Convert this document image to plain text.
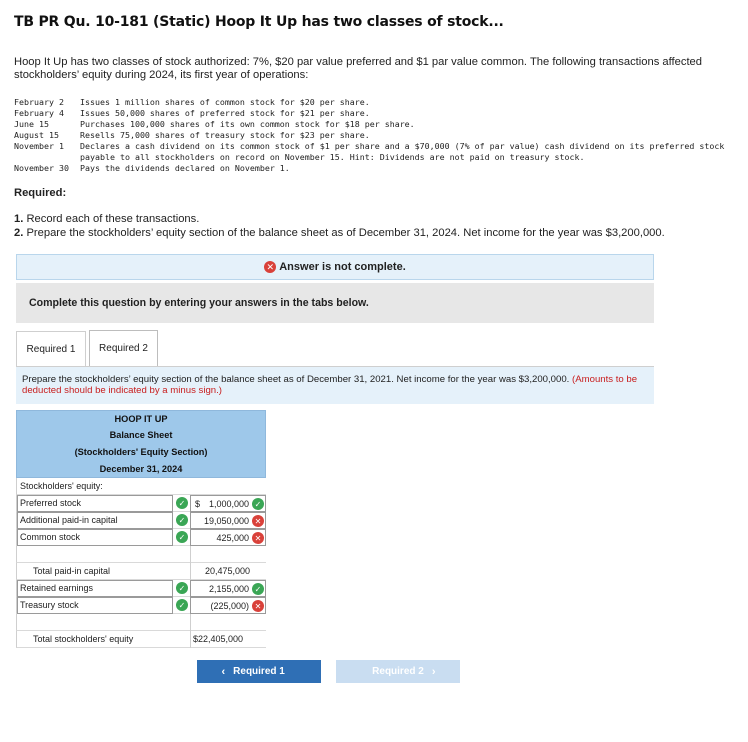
TB PR Qu. 10-181 (Static) Hoop It Up has two classes of stock...
Hoop It Up has two classes of stock authorized: 7%, $20 par value preferred and $1 par value common. The following transactions affected stockholders’ equity during 2024, its first year of operations:
February 2	Issues 1 million shares of common stock for $20 per share.
February 4	Issues 50,000 shares of preferred stock for $21 per share.
June 15	Purchases 100,000 shares of its own common stock for $18 per share.
August 15	Resells 75,000 shares of treasury stock for $23 per share.
November 1	Declares a cash dividend on its common stock of $1 per share and a $70,000 (7% of par value) cash dividend on its preferred stock payable to all stockholders on record on November 15. Hint: Dividends are not paid on treasury stock.
November 30	Pays the dividends declared on November 1.
Required:
1. Record each of these transactions.
2. Prepare the stockholders’ equity section of the balance sheet as of December 31, 2024. Net income for the year was $3,200,000.
✕ Answer is not complete.
Complete this question by entering your answers in the tabs below.
Required 1 Required 2
Prepare the stockholders’ equity section of the balance sheet as of December 31, 2021. Net income for the year was $3,200,000. (Amounts to be deducted should be indicated by a minus sign.)
HOOP IT UP
Balance Sheet
(Stockholders' Equity Section)
December 31, 2024
Stockholders' equity:
Preferred stock	✓ $ 1,000,000 ✓
Additional paid-in capital	✓	19,050,000 ✕
Common stock	✓	425,000 ✕
Total paid-in capital	20,475,000
Retained earnings	✓	2,155,000 ✓
Treasury stock	✓	(225,000) ✕
Total stockholders' equity	$22,405,000
‹ Required 1	Required 2 ›
